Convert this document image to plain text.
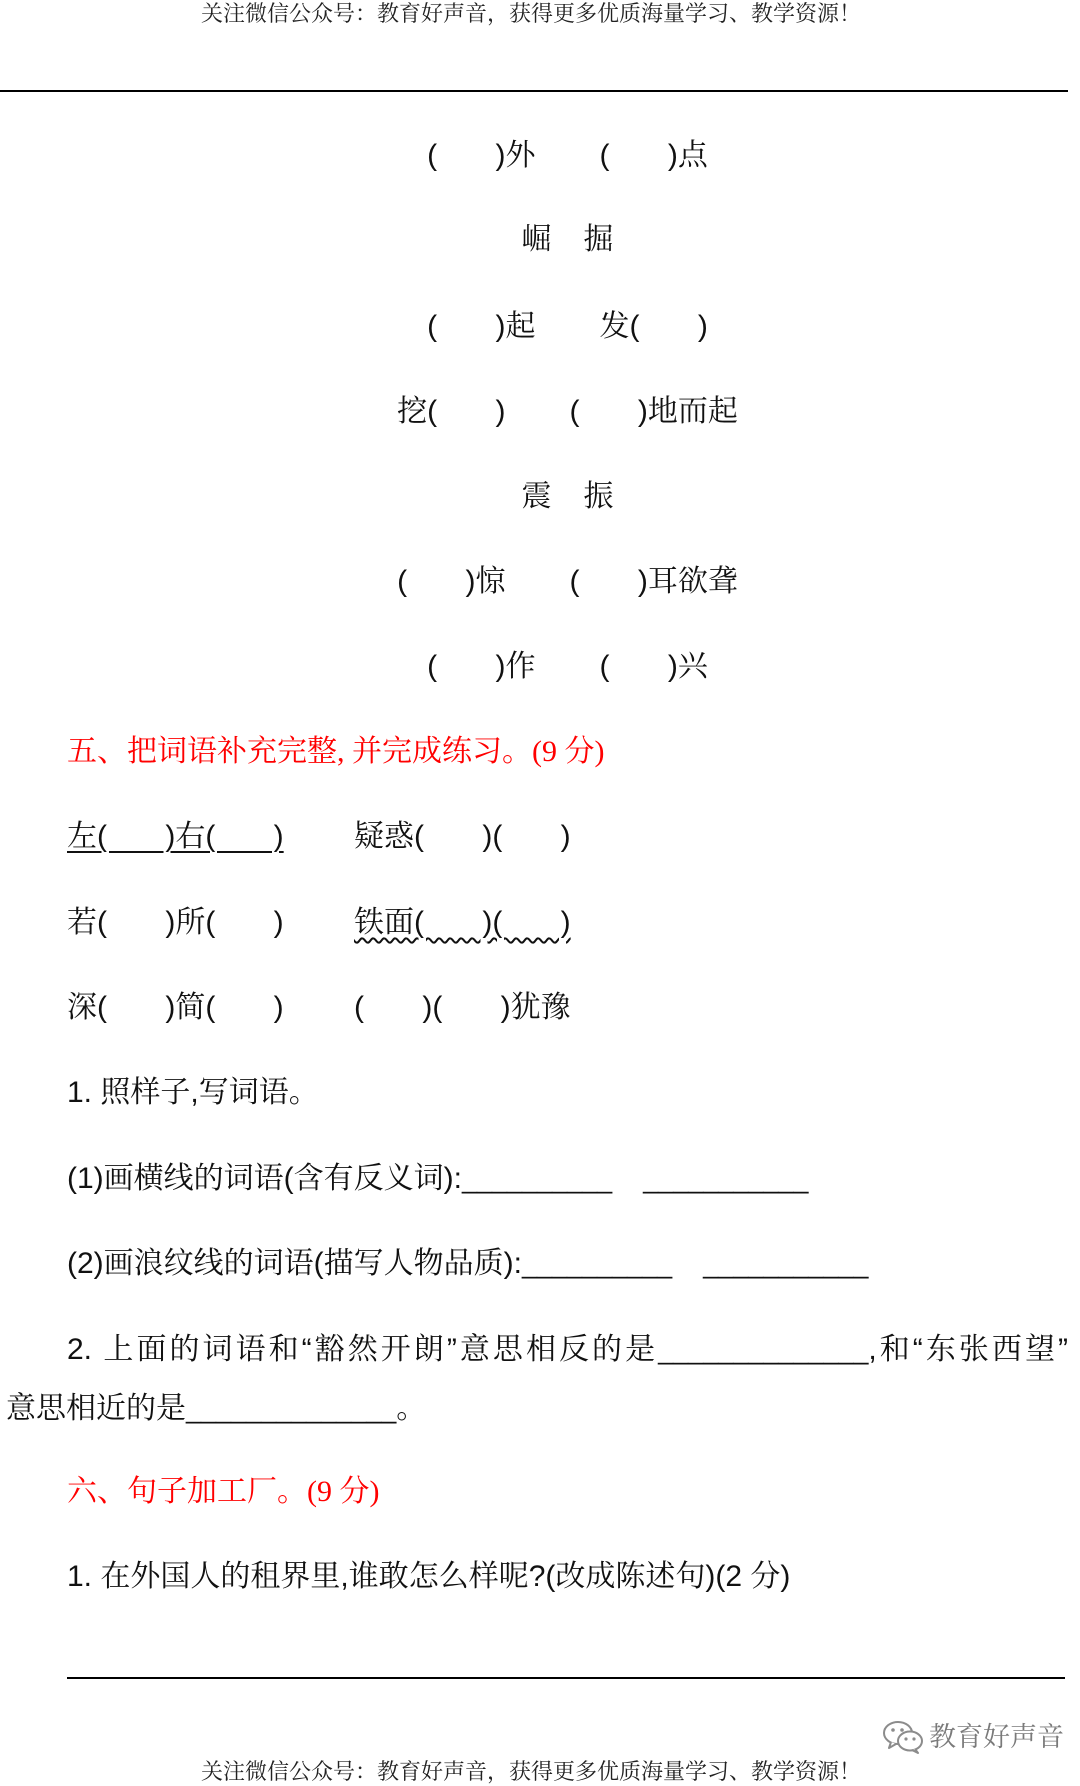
关注微信公众号：教育好声音，获得更多优质海量学习、教学资源！
(       )外 (       )点
崛 掘
(       )起 发(       )
挖(       ) (       )地而起
震 振
(       )惊 (       )耳欲聋
(       )作 (       )兴
五、把词语补充完整, 并完成练习。(9 分)
左(       )右(       )	疑惑(       )(       )
若(       )所(       )	铁面(       )(       )
深(       )简(       )	(       )(       )犹豫
1. 照样子,写词语。
(1)画横线的词语(含有反义词): __________ ___________
(2)画浪纹线的词语(描写人物品质): __________ ___________
2. 上面的词语和“豁然开朗”意思相反的是______________,和“东张西望”
意思相近的是 ______________ 。
六、句子加工厂。(9 分)
1. 在外国人的租界里,谁敢怎么样呢?(改成陈述句)(2 分)
教育好声音
关注微信公众号：教育好声音，获得更多优质海量学习、教学资源！
